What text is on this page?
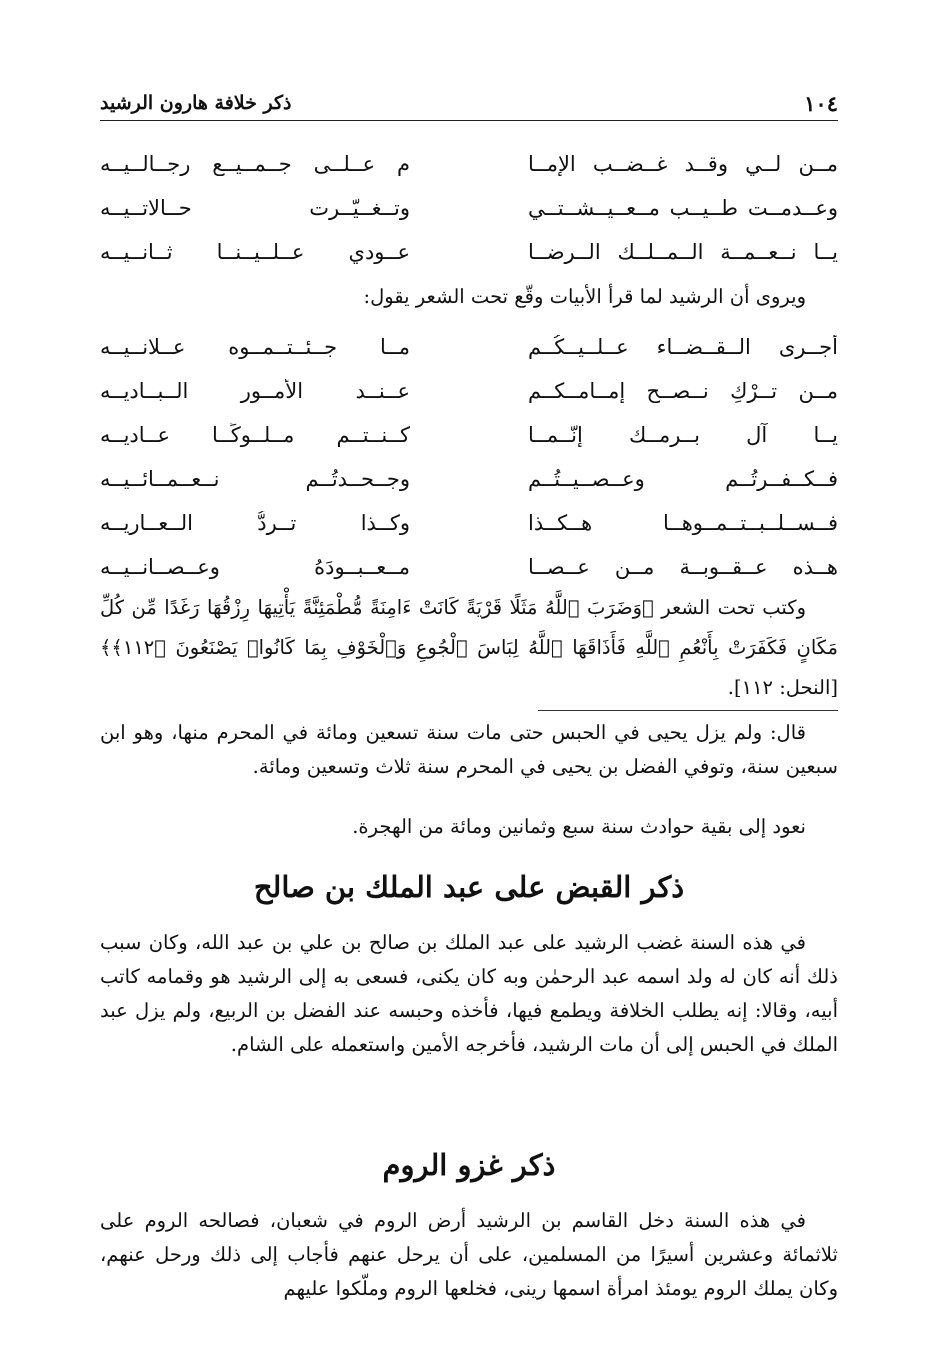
١٠٤
ذكر خلافة هارون الرشيد
مــن لــي وقــد غــضــب الإمــا
م عــلــى جــمــيــع رجــالــيــه
وعــدمــت طــيــب مــعــيــشــتــي
وتــغــيّــرت حــالاتــيــه
يــا نــعــمــة الــمــلــك الــرضــا
عــودي عــلــيــنــا ثــانــيــه

ويروى أن الرشيد لما قرأ الأبيات وقّع تحت الشعر يقول:

أجــرى الــقــضــاء عــلــيــكُــم
مــا جــئــتــمــوه عــلانــيــه
مــن تــرْكِ نــصــح إمــامــكــم
عــنــد الأمــور الــبــاديــه
يــا آل بــرمــك إنّــمــا
كــنــتــم مــلــوكًــا عــاديــه
فــكــفــرتُــم وعــصــيــتُــم
وجــحــدتُــم نــعــمــائــيــه
فــســلــبــتــمــوهــا هــكــذا
وكــذا تــردُّ الــعــاريــه
هــذه عــقــوبــة مــن عــصــا
مــعــبــودَهُ وعــصــانــيــه

وكتب تحت الشعر ﴿وَضَرَبَ ٱللَّهُ مَثَلًا قَرْيَةً كَانَتْ ءَامِنَةً مُّطْمَئِنَّةً يَأْتِيهَا رِزْقُهَا رَغَدًا مِّن كُلِّ مَكَانٍ فَكَفَرَتْ بِأَنْعُمِ ٱللَّهِ فَأَذَاقَهَا ٱللَّهُ لِبَاسَ ٱلْجُوعِ وَٱلْخَوْفِ بِمَا كَانُوا۟ يَصْنَعُونَ ﴿١١٢﴾﴾ [النحل: ١١٢].

قال: ولم يزل يحيى في الحبس حتى مات سنة تسعين ومائة في المحرم منها، وهو ابن سبعين سنة، وتوفي الفضل بن يحيى في المحرم سنة ثلاث وتسعين ومائة.

نعود إلى بقية حوادث سنة سبع وثمانين ومائة من الهجرة.

ذكر القبض على عبد الملك بن صالح

في هذه السنة غضب الرشيد على عبد الملك بن صالح بن علي بن عبد الله، وكان سبب ذلك أنه كان له ولد اسمه عبد الرحمٰن وبه كان يكنى، فسعى به إلى الرشيد هو وقمامه كاتب أبيه، وقالا: إنه يطلب الخلافة ويطمع فيها، فأخذه وحبسه عند الفضل بن الربيع، ولم يزل عبد الملك في الحبس إلى أن مات الرشيد، فأخرجه الأمين واستعمله على الشام.

ذكر غزو الروم

في هذه السنة دخل القاسم بن الرشيد أرض الروم في شعبان، فصالحه الروم على ثلاثمائة وعشرين أسيرًا من المسلمين، على أن يرحل عنهم فأجاب إلى ذلك ورحل عنهم، وكان يملك الروم يومئذ امرأة اسمها رينى، فخلعها الروم وملّكوا عليهم
